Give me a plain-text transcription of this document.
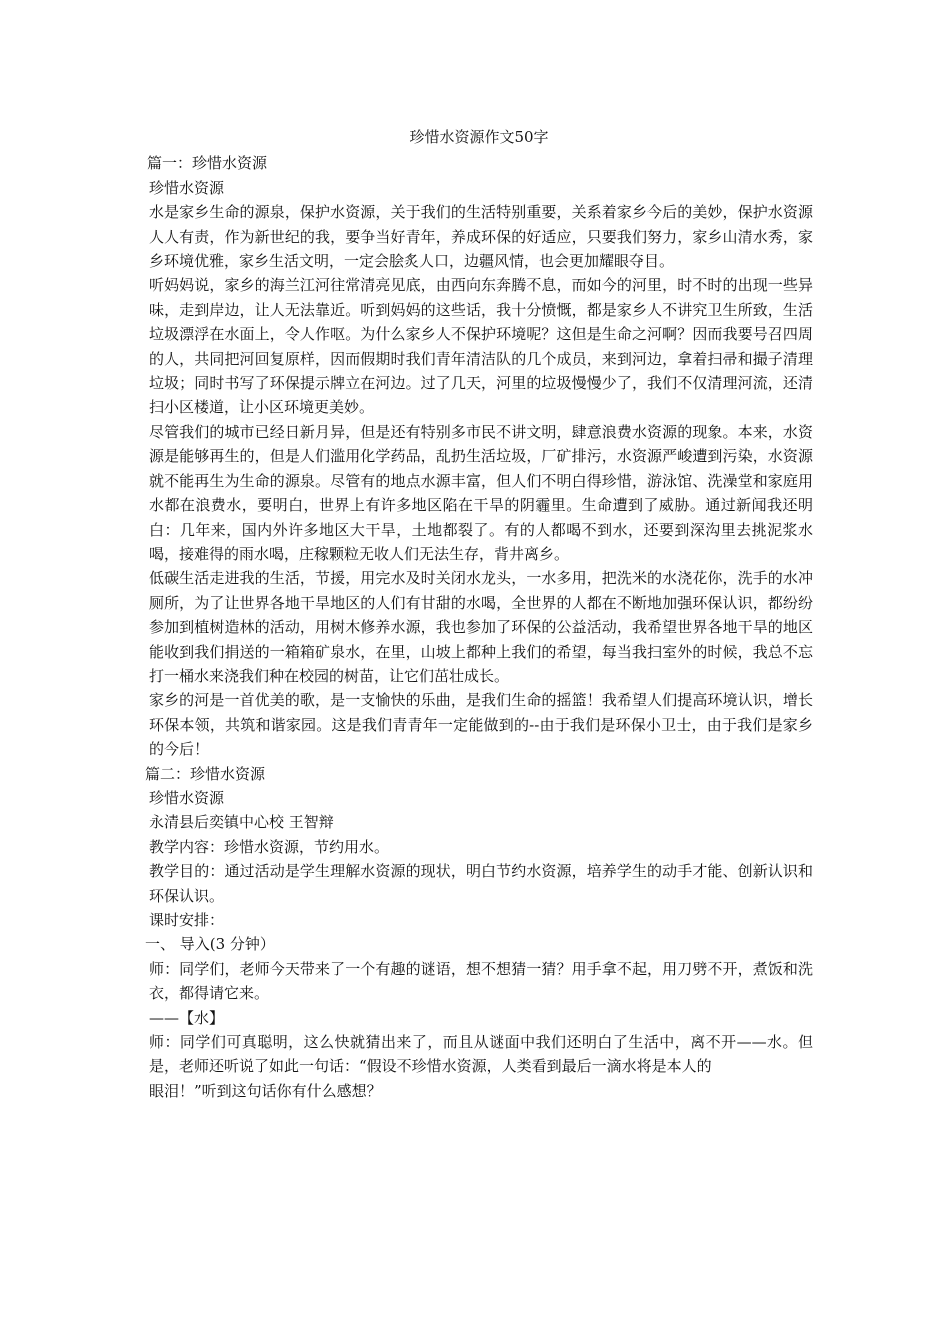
珍惜水资源作文50字

篇一：珍惜水资源

珍惜水资源

水是家乡生命的源泉，保护水资源，关于我们的生活特别重要，关系着家乡今后的美妙，保护水资源人人有责，作为新世纪的我，要争当好青年，养成环保的好适应，只要我们努力，家乡山清水秀，家乡环境优雅，家乡生活文明，一定会脍炙人口，边疆风情，也会更加耀眼夺目。

听妈妈说，家乡的海兰江河往常清亮见底，由西向东奔腾不息，而如今的河里，时不时的出现一些异味，走到岸边，让人无法靠近。听到妈妈的这些话，我十分愤慨，都是家乡人不讲究卫生所致，生活垃圾漂浮在水面上，令人作呕。为什么家乡人不保护环境呢？这但是生命之河啊？因而我要号召四周的人，共同把河回复原样，因而假期时我们青年清洁队的几个成员，来到河边，拿着扫帚和撮子清理垃圾；同时书写了环保提示牌立在河边。过了几天，河里的垃圾慢慢少了，我们不仅清理河流，还清扫小区楼道，让小区环境更美妙。

尽管我们的城市已经日新月异，但是还有特别多市民不讲文明，肆意浪费水资源的现象。本来，水资源是能够再生的，但是人们滥用化学药品，乱扔生活垃圾，厂矿排污，水资源严峻遭到污染，水资源就不能再生为生命的源泉。尽管有的地点水源丰富，但人们不明白得珍惜，游泳馆、洗澡堂和家庭用水都在浪费水，要明白，世界上有许多地区陷在干旱的阴霾里。生命遭到了威胁。通过新闻我还明白：几年来，国内外许多地区大干旱，土地都裂了。有的人都喝不到水，还要到深沟里去挑泥浆水喝，接难得的雨水喝，庄稼颗粒无收人们无法生存，背井离乡。

低碳生活走进我的生活，节援，用完水及时关闭水龙头，一水多用，把洗米的水浇花你，洗手的水冲厕所，为了让世界各地干旱地区的人们有甘甜的水喝，全世界的人都在不断地加强环保认识，都纷纷参加到植树造林的活动，用树木修养水源，我也参加了环保的公益活动，我希望世界各地干旱的地区能收到我们捐送的一箱箱矿泉水，在里，山坡上都种上我们的希望，每当我扫室外的时候，我总不忘打一桶水来浇我们种在校园的树苗，让它们茁壮成长。

家乡的河是一首优美的歌，是一支愉快的乐曲，是我们生命的摇篮！我希望人们提高环境认识，增长环保本领，共筑和谐家园。这是我们青青年一定能做到的--由于我们是环保小卫士，由于我们是家乡的今后！

篇二：珍惜水资源

珍惜水资源

永清县后奕镇中心校 王智辩

教学内容：珍惜水资源，节约用水。

教学目的：通过活动是学生理解水资源的现状，明白节约水资源，培养学生的动手才能、创新认识和环保认识。

课时安排：

一、 导入(3 分钟）

师：同学们，老师今天带来了一个有趣的谜语，想不想猜一猜？用手拿不起，用刀劈不开，煮饭和洗衣，都得请它来。

——【水】

师：同学们可真聪明，这么快就猜出来了，而且从谜面中我们还明白了生活中，离不开——水。但是，老师还听说了如此一句话：“假设不珍惜水资源，人类看到最后一滴水将是本人的

眼泪！”听到这句话你有什么感想？
